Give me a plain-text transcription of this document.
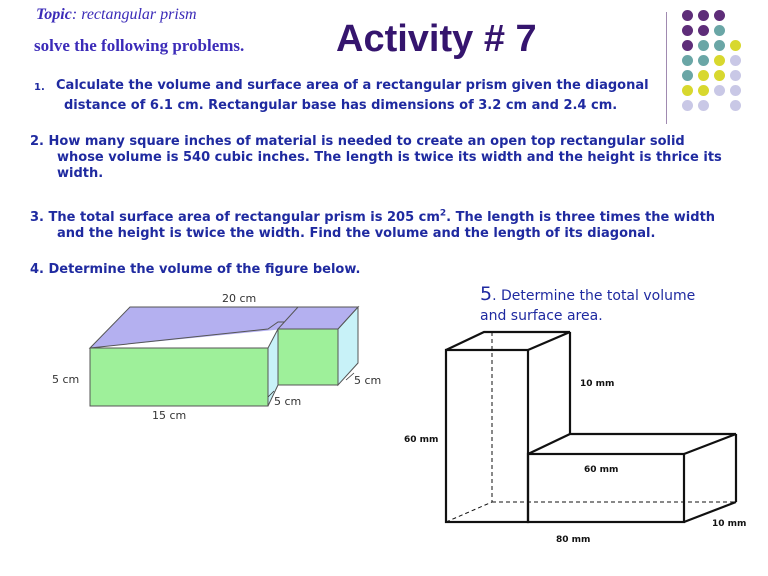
Topic: rectangular prism
solve the following problems. Activity # 7
1. Calculate the volume and surface area of a rectangular prism given the diagonal
distance of 6.1 cm. Rectangular base has dimensions of 3.2 cm and 2.4 cm.
2. How many square inches of material is needed to create an open top rectangular solid
whose volume is 540 cubic inches. The length is twice its width and the height is thrice its width.
3. The total surface area of rectangular prism is 205 $cm^2$. The length is three times the width
and the height is twice the width. Find the volume and the length of its diagonal.
4. Determine the volume of the figure below.
5. Determine the total volume
and surface area.
20 cm
5 cm	5 cm
5 cm
15 cm
60 mm
10 mm
60 mm
80 mm
10 mm
